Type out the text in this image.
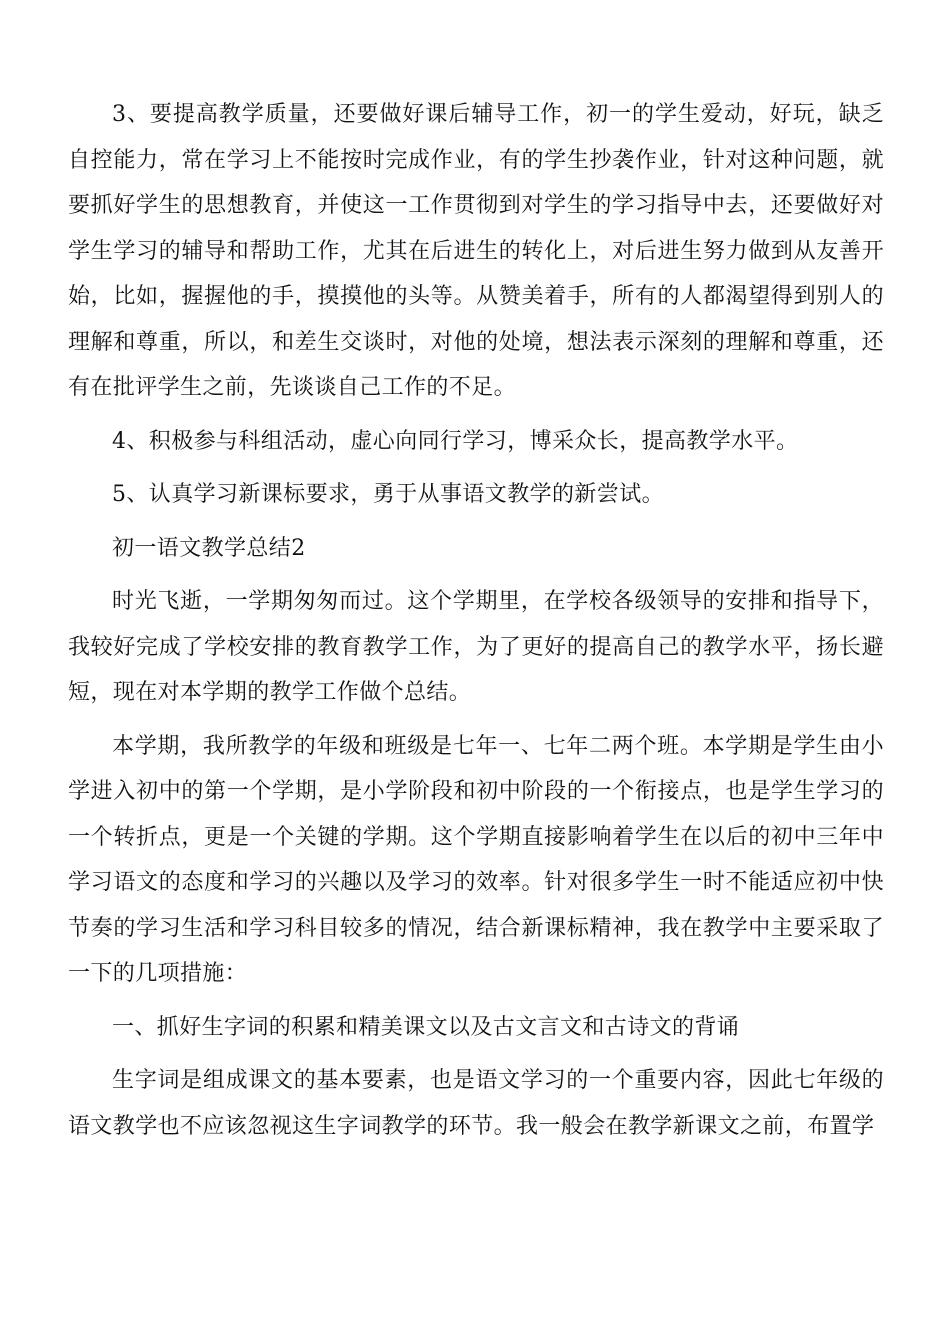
3、要提高教学质量，还要做好课后辅导工作，初一的学生爱动，好玩，缺乏自控能力，常在学习上不能按时完成作业，有的学生抄袭作业，针对这种问题，就要抓好学生的思想教育，并使这一工作贯彻到对学生的学习指导中去，还要做好对学生学习的辅导和帮助工作，尤其在后进生的转化上，对后进生努力做到从友善开始，比如，握握他的手，摸摸他的头等。从赞美着手，所有的人都渴望得到别人的理解和尊重，所以，和差生交谈时，对他的处境，想法表示深刻的理解和尊重，还有在批评学生之前，先谈谈自己工作的不足。

4、积极参与科组活动，虚心向同行学习，博采众长，提高教学水平。

5、认真学习新课标要求，勇于从事语文教学的新尝试。

初一语文教学总结2

时光飞逝，一学期匆匆而过。这个学期里，在学校各级领导的安排和指导下，我较好完成了学校安排的教育教学工作，为了更好的提高自己的教学水平，扬长避短，现在对本学期的教学工作做个总结。

本学期，我所教学的年级和班级是七年一、七年二两个班。本学期是学生由小学进入初中的第一个学期，是小学阶段和初中阶段的一个衔接点，也是学生学习的一个转折点，更是一个关键的学期。这个学期直接影响着学生在以后的初中三年中学习语文的态度和学习的兴趣以及学习的效率。针对很多学生一时不能适应初中快节奏的学习生活和学习科目较多的情况，结合新课标精神，我在教学中主要采取了一下的几项措施：

一、抓好生字词的积累和精美课文以及古文言文和古诗文的背诵

生字词是组成课文的基本要素，也是语文学习的一个重要内容，因此七年级的语文教学也不应该忽视这生字词教学的环节。我一般会在教学新课文之前，布置学
